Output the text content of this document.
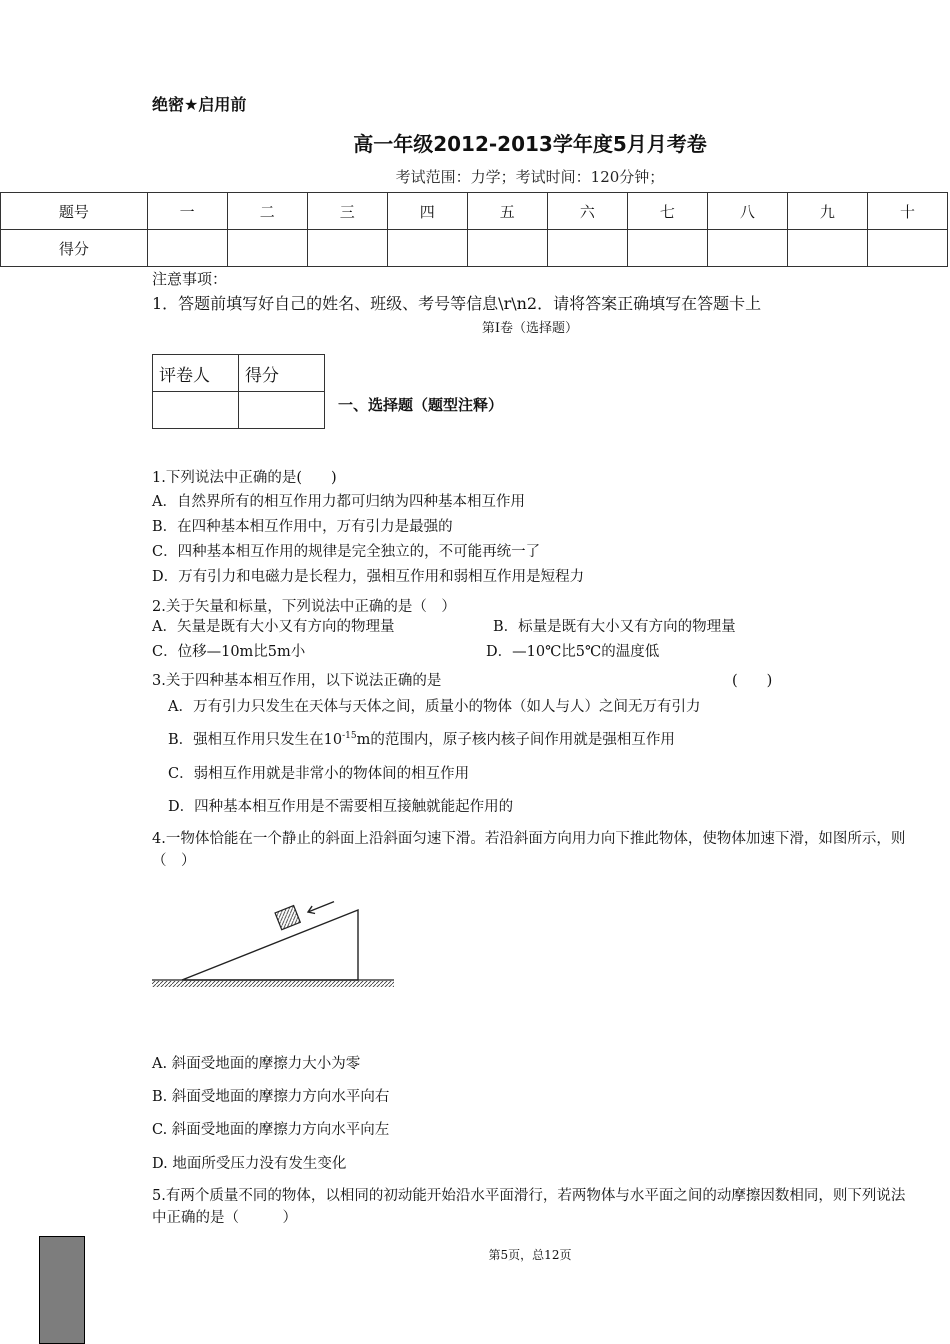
绝密★启用前
高一年级2012-2013学年度5月月考卷
考试范围：力学；考试时间：120分钟；
题号	一	二	三	四	五	六	七	八	九	十
得分										
注意事项：
1．答题前填写好自己的姓名、班级、考号等信息\r\n2．请将答案正确填写在答题卡上
第Ⅰ卷（选择题）
评卷人	得分

一、选择题（题型注释）
1.下列说法中正确的是(　　)
A．自然界所有的相互作用力都可归纳为四种基本相互作用
B．在四种基本相互作用中，万有引力是最强的
C．四种基本相互作用的规律是完全独立的，不可能再统一了
D．万有引力和电磁力是长程力，强相互作用和弱相互作用是短程力
2.关于矢量和标量，下列说法中正确的是（　）
A．矢量是既有大小又有方向的物理量	B．标量是既有大小又有方向的物理量
C．位移—10m比5m小	D．—10℃比5℃的温度低
3.关于四种基本相互作用，以下说法正确的是	(　　)
A．万有引力只发生在天体与天体之间，质量小的物体（如人与人）之间无万有引力
B．强相互作用只发生在$10^{-15}m$的范围内，原子核内核子间作用就是强相互作用
C．弱相互作用就是非常小的物体间的相互作用
D．四种基本相互作用是不需要相互接触就能起作用的
4.一物体恰能在一个静止的斜面上沿斜面匀速下滑。若沿斜面方向用力向下推此物体，使物体加速下滑，如图所示，则（　）
A. 斜面受地面的摩擦力大小为零
B. 斜面受地面的摩擦力方向水平向右
C. 斜面受地面的摩擦力方向水平向左
D. 地面所受压力没有发生变化
5.有两个质量不同的物体，以相同的初动能开始沿水平面滑行，若两物体与水平面之间的动摩擦因数相同，则下列说法中正确的是（　　　）
第5页，总12页
